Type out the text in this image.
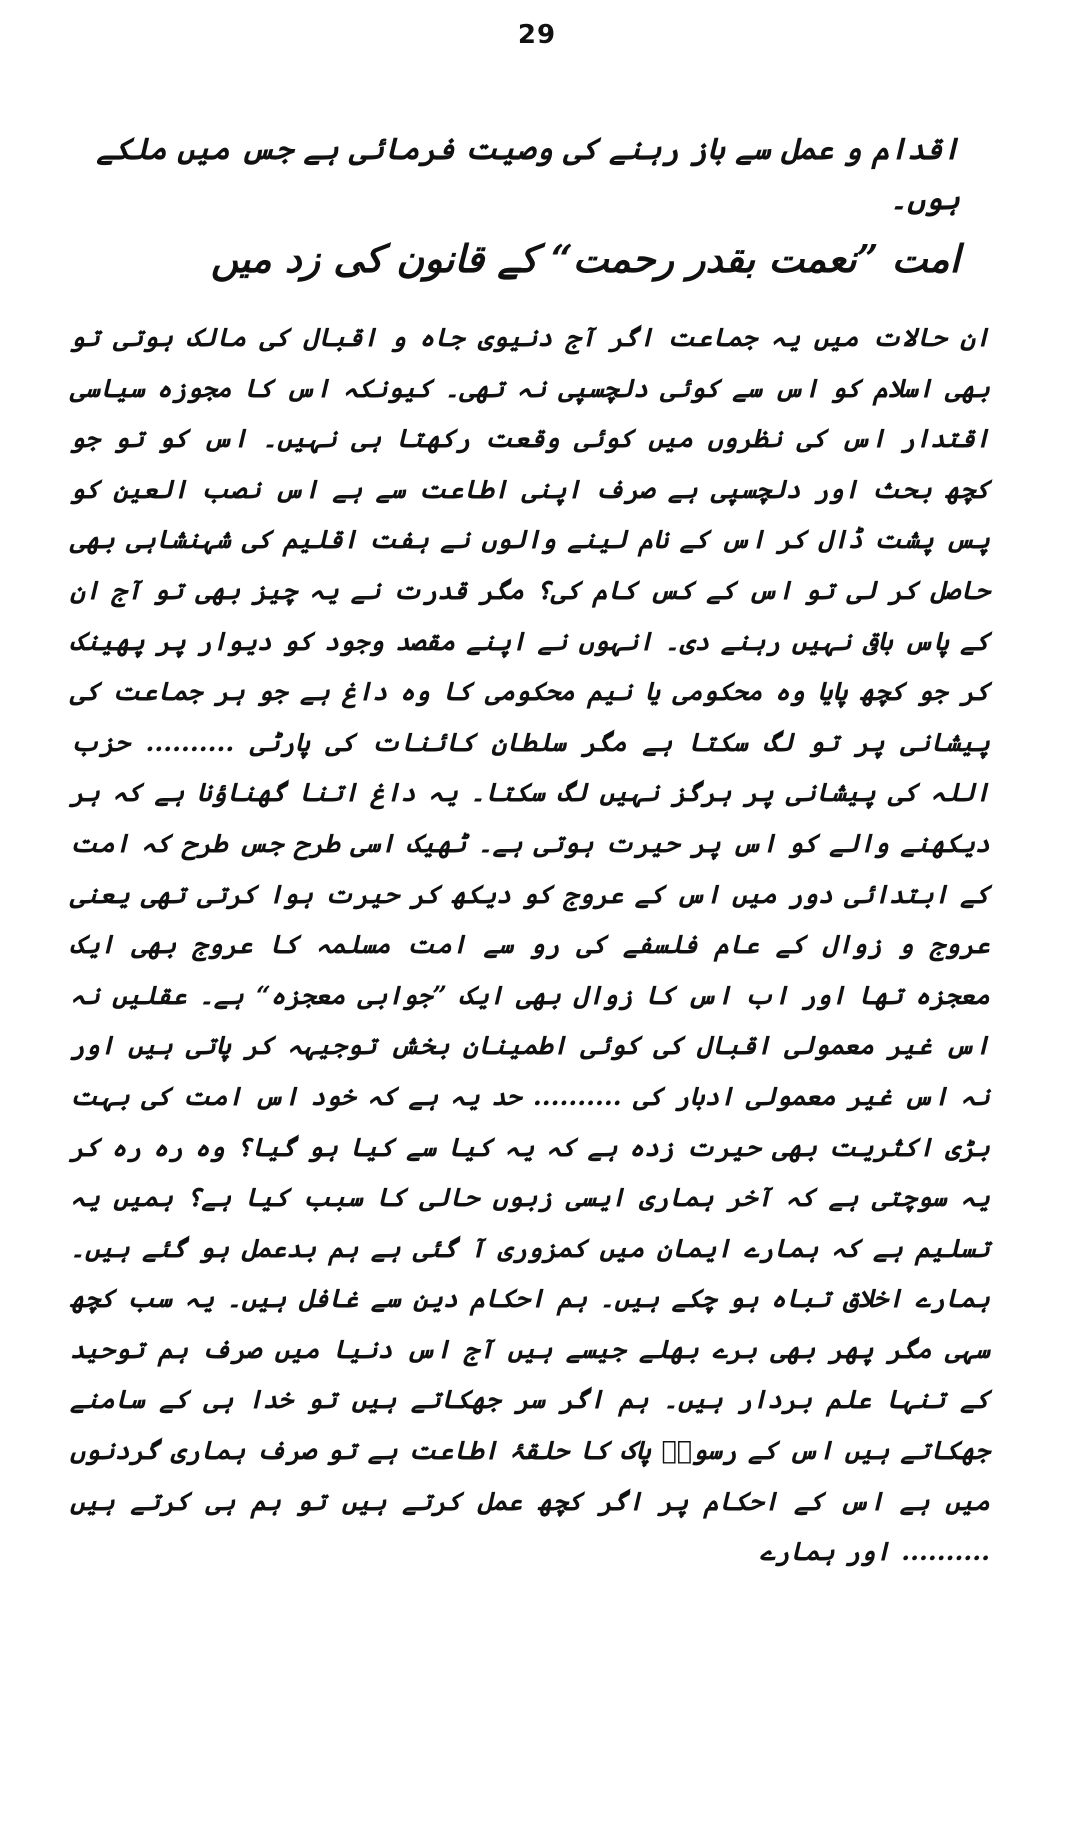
29

اقدام و عمل سے باز رہنے کی وصیت فرمائی ہے جس میں ملکے ہوں۔

امت ”نعمت بقدر رحمت“ کے قانون کی زد میں

ان حالات میں یہ جماعت اگر آج دنیوی جاہ و اقبال کی مالک ہوتی تو بھی اسلام کو اس سے کوئی دلچسپی نہ تھی۔ کیونکہ اس کا مجوزہ سیاسی اقتدار اس کی نظروں میں کوئی وقعت رکھتا ہی نہیں۔ اس کو تو جو کچھ بحث اور دلچسپی ہے صرف اپنی اطاعت سے ہے اس نصب العین کو پس پشت ڈال کر اس کے نام لینے والوں نے ہفت اقلیم کی شہنشاہی بھی حاصل کر لی تو اس کے کس کام کی؟ مگر قدرت نے یہ چیز بھی تو آج ان کے پاس باقی نہیں رہنے دی۔ انہوں نے اپنے مقصد وجود کو دیوار پر پھینک کر جو کچھ پایا وہ محکومی یا نیم محکومی کا وہ داغ ہے جو ہر جماعت کی پیشانی پر تو لگ سکتا ہے مگر سلطان کائنات کی پارٹی .......... حزب اللہ کی پیشانی پر ہرگز نہیں لگ سکتا۔ یہ داغ اتنا گھناؤنا ہے کہ ہر دیکھنے والے کو اس پر حیرت ہوتی ہے۔ ٹھیک اسی طرح جس طرح کہ امت کے ابتدائی دور میں اس کے عروج کو دیکھ کر حیرت ہوا کرتی تھی یعنی عروج و زوال کے عام فلسفے کی رو سے امت مسلمہ کا عروج بھی ایک معجزہ تھا اور اب اس کا زوال بھی ایک ”جوابی معجزہ“ ہے۔ عقلیں نہ اس غیر معمولی اقبال کی کوئی اطمینان بخش توجیہہ کر پاتی ہیں اور نہ اس غیر معمولی ادبار کی .......... حد یہ ہے کہ خود اس امت کی بہت بڑی اکثریت بھی حیرت زدہ ہے کہ یہ کیا سے کیا ہو گیا؟ وہ رہ رہ کر یہ سوچتی ہے کہ آخر ہماری ایسی زبوں حالی کا سبب کیا ہے؟ ہمیں یہ تسلیم ہے کہ ہمارے ایمان میں کمزوری آ گئی ہے ہم بدعمل ہو گئے ہیں۔ ہمارے اخلاق تباہ ہو چکے ہیں۔ ہم احکام دین سے غافل ہیں۔ یہ سب کچھ سہی مگر پھر بھی برے بھلے جیسے ہیں آج اس دنیا میں صرف ہم توحید کے تنہا علم بردار ہیں۔ ہم اگر سر جھکاتے ہیں تو خدا ہی کے سامنے جھکاتے ہیں اس کے رسولؐ پاک کا حلقۂ اطاعت ہے تو صرف ہماری گردنوں میں ہے اس کے احکام پر اگر کچھ عمل کرتے ہیں تو ہم ہی کرتے ہیں .......... اور ہمارے
